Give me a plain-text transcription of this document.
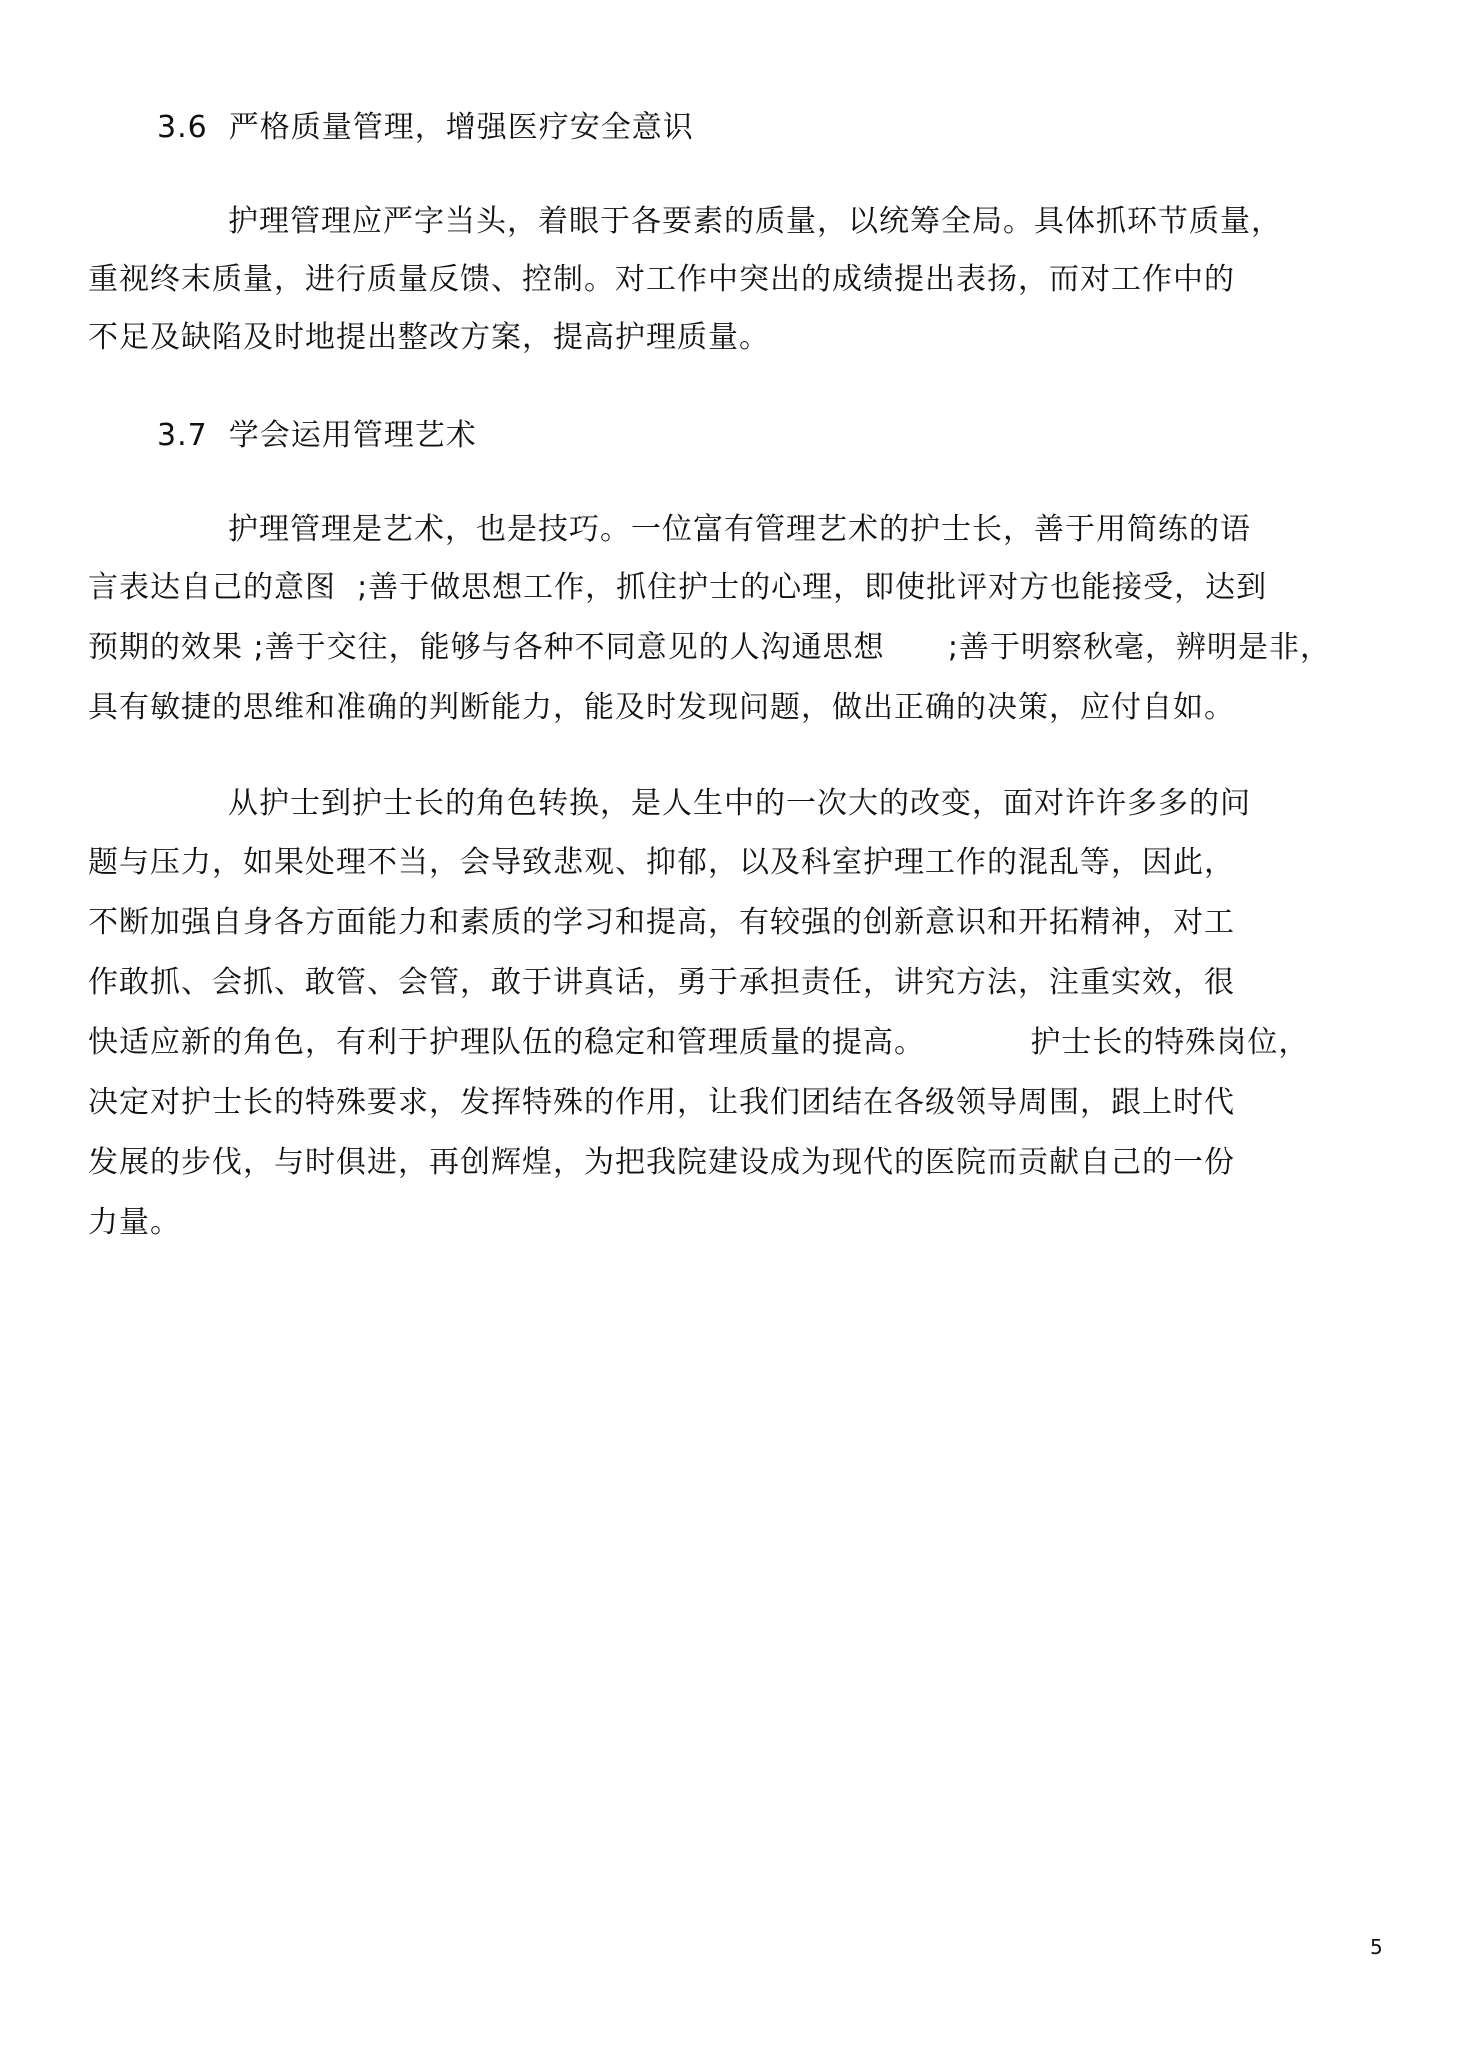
3.6  严格质量管理，增强医疗安全意识

护理管理应严字当头，着眼于各要素的质量，以统筹全局。具体抓环节质量，

重视终末质量，进行质量反馈、控制。对工作中突出的成绩提出表扬，而对工作中的

不足及缺陷及时地提出整改方案，提高护理质量。

3.7  学会运用管理艺术

护理管理是艺术，也是技巧。一位富有管理艺术的护士长，善于用简练的语

言表达自己的意图  ;善于做思想工作，抓住护士的心理，即使批评对方也能接受，达到

预期的效果 ;善于交往，能够与各种不同意见的人沟通思想      ;善于明察秋毫，辨明是非，

具有敏捷的思维和准确的判断能力，能及时发现问题，做出正确的决策，应付自如。

从护士到护士长的角色转换，是人生中的一次大的改变，面对许许多多的问

题与压力，如果处理不当，会导致悲观、抑郁，以及科室护理工作的混乱等，因此，

不断加强自身各方面能力和素质的学习和提高，有较强的创新意识和开拓精神，对工

作敢抓、会抓、敢管、会管，敢于讲真话，勇于承担责任，讲究方法，注重实效，很

快适应新的角色，有利于护理队伍的稳定和管理质量的提高。          护士长的特殊岗位，

决定对护士长的特殊要求，发挥特殊的作用，让我们团结在各级领导周围，跟上时代

发展的步伐，与时俱进，再创辉煌，为把我院建设成为现代的医院而贡献自己的一份

力量。

5
